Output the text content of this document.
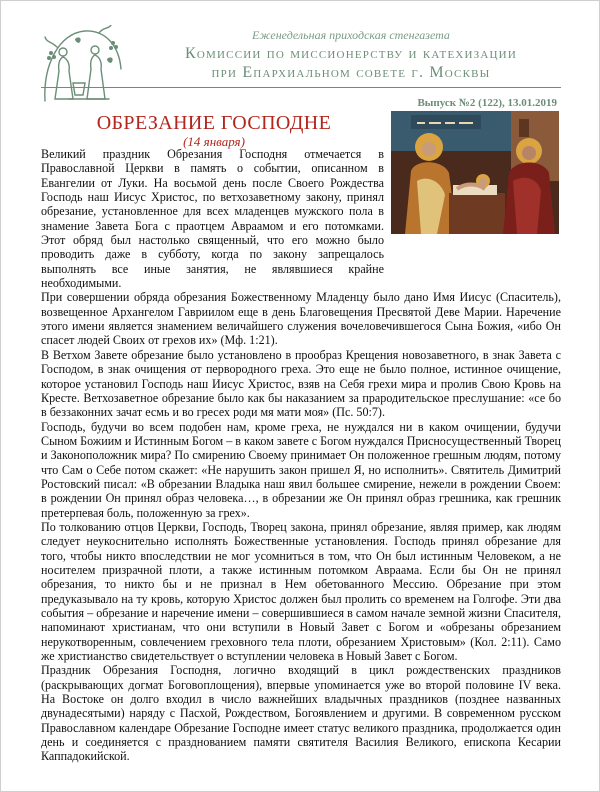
Еженедельная приходская стенгазета
Комиссии по миссионерству и катехизации
при Епархиальном совете г. Москвы
Выпуск №2 (122), 13.01.2019
ОБРЕЗАНИЕ ГОСПОДНЕ
(14 января)

Великий праздник Обрезания Господня отмечается в Православной Церкви в память о событии, описанном в Евангелии от Луки. На восьмой день после Своего Рождества Господь наш Иисус Христос, по ветхозаветному закону, принял обрезание, установленное для всех младенцев мужского пола в знамение Завета Бога с праотцем Авраамом и его потомками. Этот обряд был настолько священный, что его можно было проводить даже в субботу, когда по закону запрещалось выполнять все иные занятия, не являвшиеся крайне необходимыми.

При совершении обряда обрезания Божественному Младенцу было дано Имя Иисус (Спаситель), возвещенное Архангелом Гавриилом еще в день Благовещения Пресвятой Деве Марии. Наречение этого имени является знамением величайшего служения вочеловечившегося Сына Божия, «ибо Он спасет людей Своих от грехов их» (Мф. 1:21).

В Ветхом Завете обрезание было установлено в прообраз Крещения новозаветного, в знак Завета с Господом, в знак очищения от первородного греха. Это еще не было полное, истинное очищение, которое установил Господь наш Иисус Христос, взяв на Себя грехи мира и пролив Свою Кровь на Кресте. Ветхозаветное обрезание было как бы наказанием за прародительское преслушание: «се бо в беззаконних зачат есмь и во гресех роди мя мати моя» (Пс. 50:7).

Господь, будучи во всем подобен нам, кроме греха, не нуждался ни в каком очищении, будучи Сыном Божиим и Истинным Богом – в каком завете с Богом нуждался Присносущественный Творец и Законоположник мира? По смирению Своему принимает Он положенное грешным людям, потому что Сам о Себе потом скажет: «Не нарушить закон пришел Я, но исполнить». Святитель Димитрий Ростовский писал: «В обрезании Владыка наш явил большее смирение, нежели в рождении Своем: в рождении Он принял образ человека…, в обрезании же Он принял образ грешника, как грешник претерпевая боль, положенную за грех».

По толкованию отцов Церкви, Господь, Творец закона, принял обрезание, являя пример, как людям следует неукоснительно исполнять Божественные установления. Господь принял обрезание для того, чтобы никто впоследствии не мог усомниться в том, что Он был истинным Человеком, а не носителем призрачной плоти, а также истинным потомком Авраама. Если бы Он не принял обрезания, то никто бы и не признал в Нем обетованного Мессию. Обрезание при этом предуказывало на ту кровь, которую Христос должен был пролить со временем на Голгофе. Эти два события – обрезание и наречение имени – совершившиеся в самом начале земной жизни Спасителя, напоминают христианам, что они вступили в Новый Завет с Богом и «обрезаны обрезанием нерукотворенным, совлечением греховного тела плоти, обрезанием Христовым» (Кол. 2:11). Само же христианство свидетельствует о вступлении человека в Новый Завет с Богом.

Праздник Обрезания Господня, логично входящий в цикл рождественских праздников (раскрывающих догмат Боговоплощения), впервые упоминается уже во второй половине IV века. На Востоке он долго входил в число важнейших владычных праздников (позднее названных двунадесятыми) наряду с Пасхой, Рождеством, Богоявлением и другими. В современном русском Православном календаре Обрезание Господне имеет статус великого праздника, продолжается один день и соединяется с празднованием памяти святителя Василия Великого, епископа Кесарии Каппадокийской.
